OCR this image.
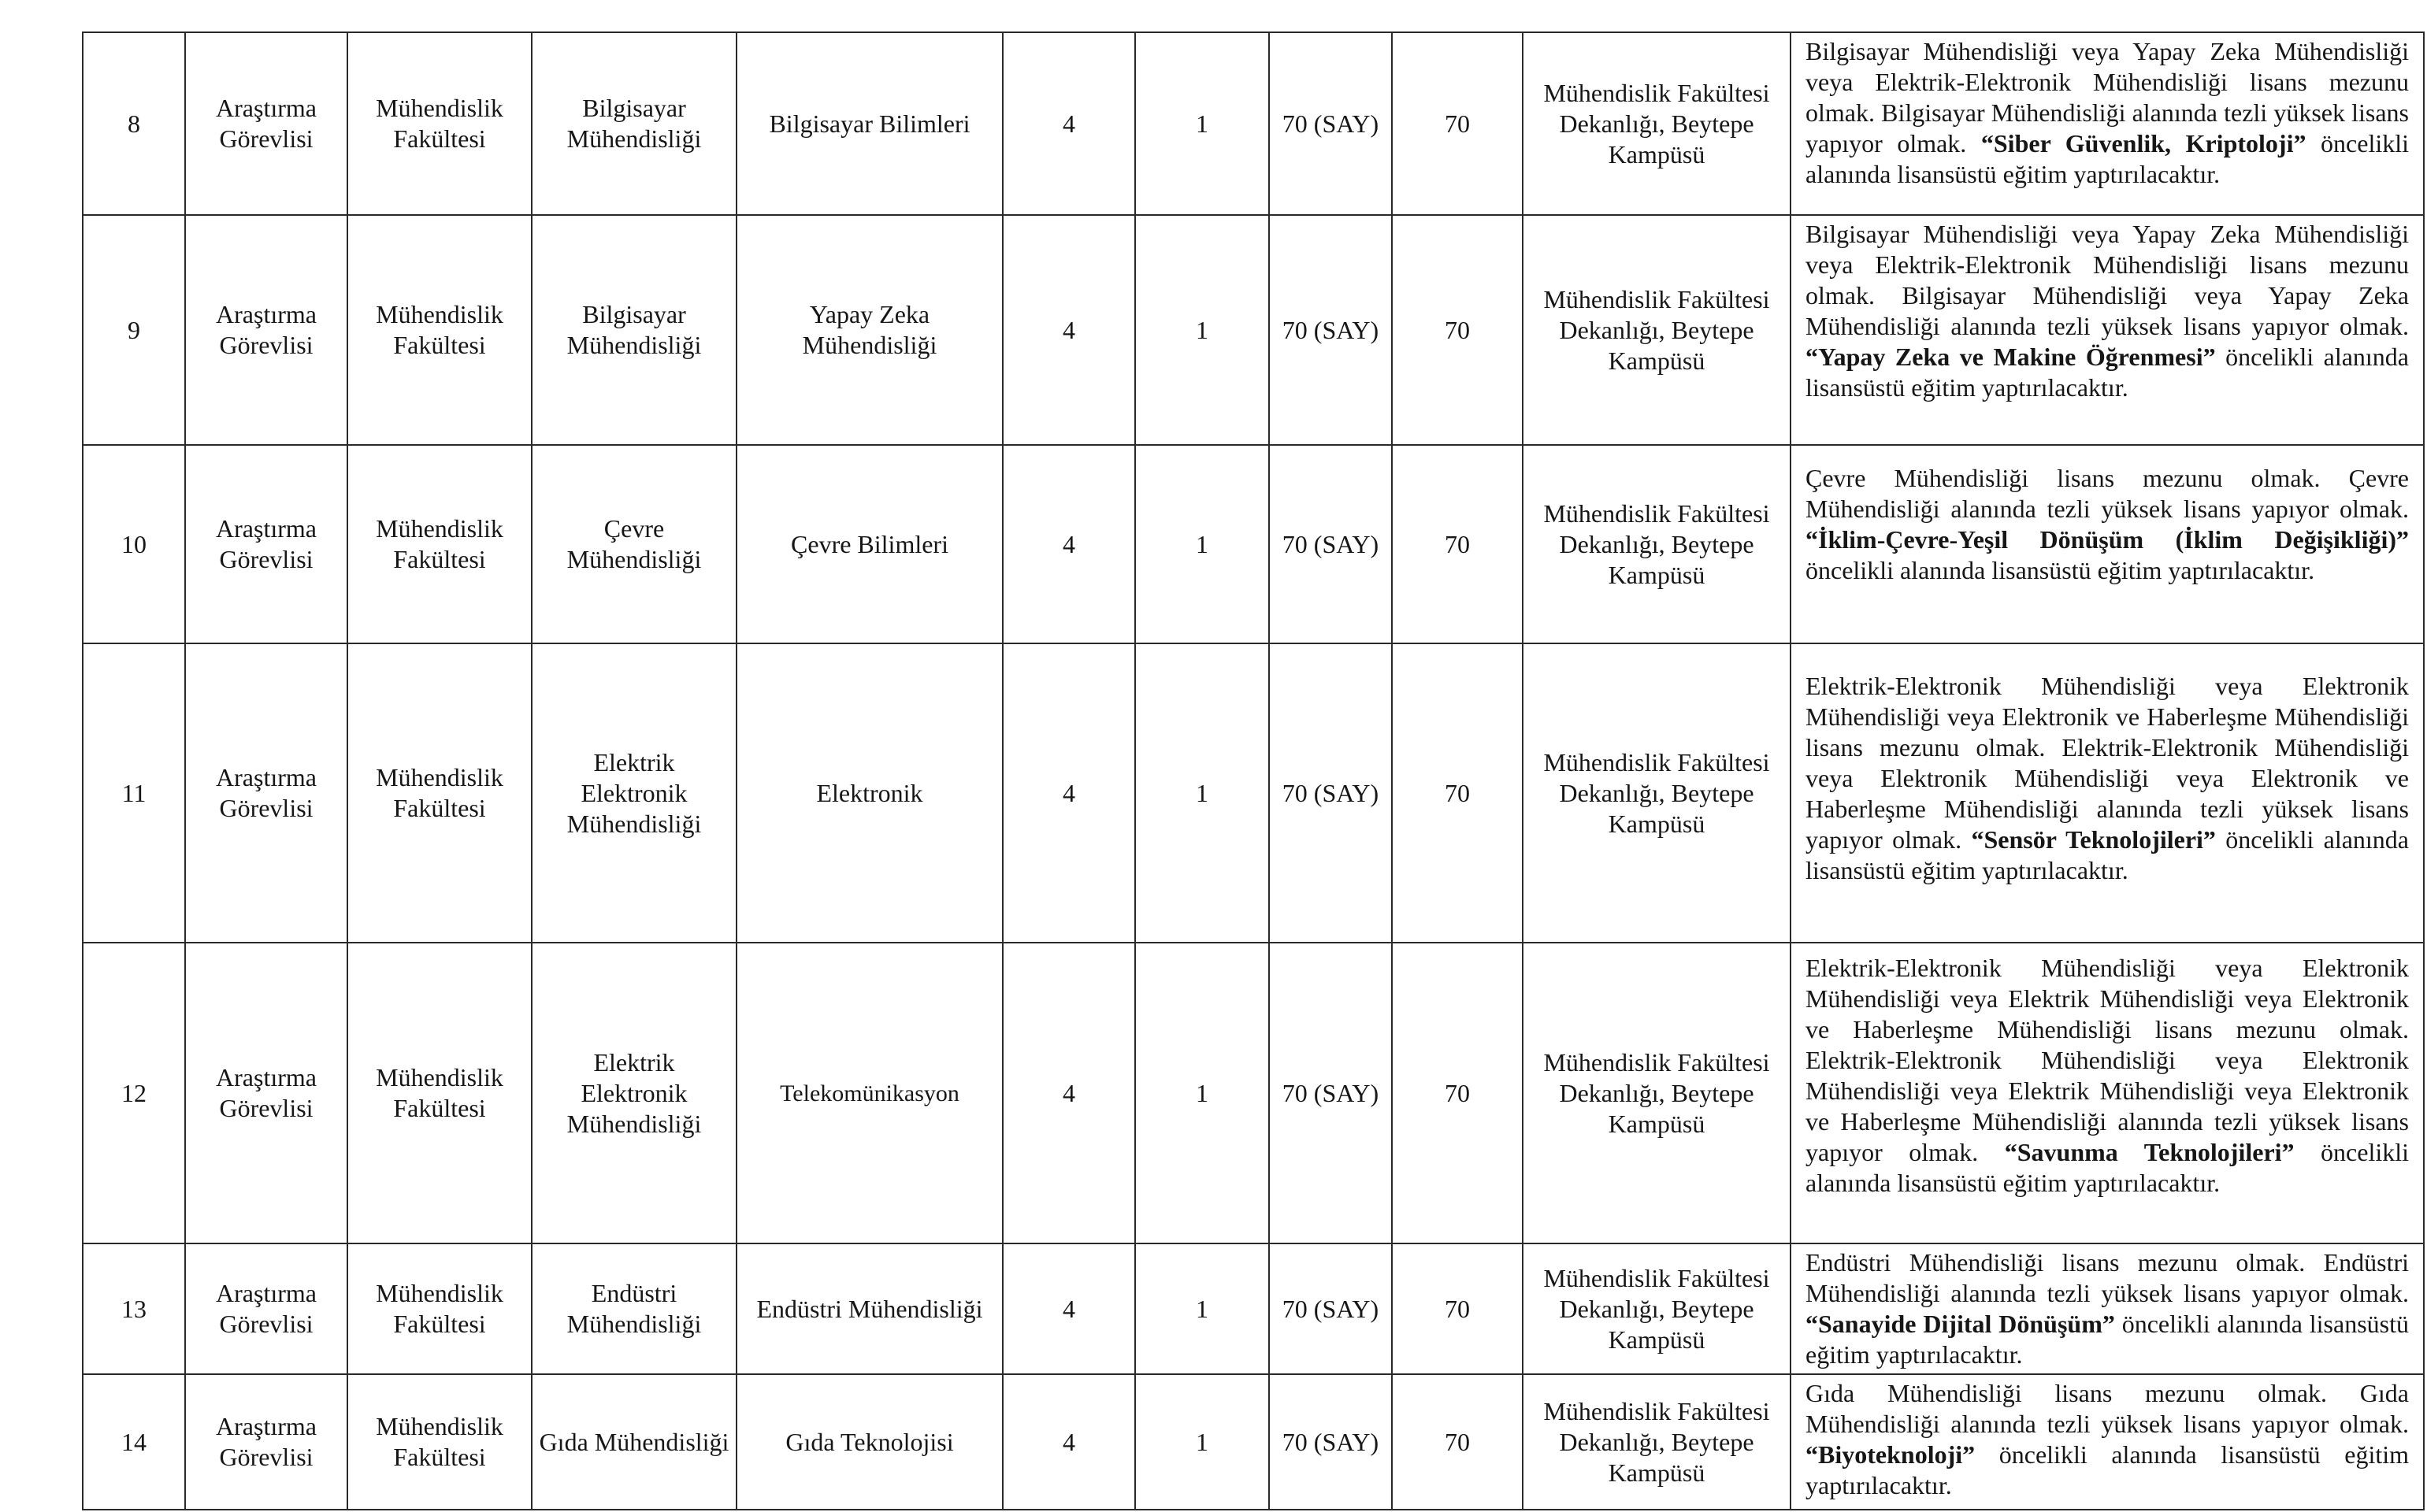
8	Araştırma Görevlisi	Mühendislik Fakültesi	Bilgisayar Mühendisliği	Bilgisayar Bilimleri	4	1	70 (SAY)	70	Mühendislik Fakültesi Dekanlığı, Beytepe Kampüsü	Bilgisayar Mühendisliği veya Yapay Zeka Mühendisliği veya Elektrik-Elektronik Mühendisliği lisans mezunu olmak. Bilgisayar Mühendisliği alanında tezli yüksek lisans yapıyor olmak. “Siber Güvenlik, Kriptoloji” öncelikli alanında lisansüstü eğitim yaptırılacaktır.
9	Araştırma Görevlisi	Mühendislik Fakültesi	Bilgisayar Mühendisliği	Yapay Zeka Mühendisliği	4	1	70 (SAY)	70	Mühendislik Fakültesi Dekanlığı, Beytepe Kampüsü	Bilgisayar Mühendisliği veya Yapay Zeka Mühendisliği veya Elektrik-Elektronik Mühendisliği lisans mezunu olmak. Bilgisayar Mühendisliği veya Yapay Zeka Mühendisliği alanında tezli yüksek lisans yapıyor olmak. “Yapay Zeka ve Makine Öğrenmesi” öncelikli alanında lisansüstü eğitim yaptırılacaktır.
10	Araştırma Görevlisi	Mühendislik Fakültesi	Çevre Mühendisliği	Çevre Bilimleri	4	1	70 (SAY)	70	Mühendislik Fakültesi Dekanlığı, Beytepe Kampüsü	Çevre Mühendisliği lisans mezunu olmak. Çevre Mühendisliği alanında tezli yüksek lisans yapıyor olmak. “İklim-Çevre-Yeşil Dönüşüm (İklim Değişikliği)” öncelikli alanında lisansüstü eğitim yaptırılacaktır.
11	Araştırma Görevlisi	Mühendislik Fakültesi	Elektrik Elektronik Mühendisliği	Elektronik	4	1	70 (SAY)	70	Mühendislik Fakültesi Dekanlığı, Beytepe Kampüsü	Elektrik-Elektronik Mühendisliği veya Elektronik Mühendisliği veya Elektronik ve Haberleşme Mühendisliği lisans mezunu olmak. Elektrik-Elektronik Mühendisliği veya Elektronik Mühendisliği veya Elektronik ve Haberleşme Mühendisliği alanında tezli yüksek lisans yapıyor olmak. “Sensör Teknolojileri” öncelikli alanında lisansüstü eğitim yaptırılacaktır.
12	Araştırma Görevlisi	Mühendislik Fakültesi	Elektrik Elektronik Mühendisliği	Telekomünikasyon	4	1	70 (SAY)	70	Mühendislik Fakültesi Dekanlığı, Beytepe Kampüsü	Elektrik-Elektronik Mühendisliği veya Elektronik Mühendisliği veya Elektrik Mühendisliği veya Elektronik ve Haberleşme Mühendisliği lisans mezunu olmak. Elektrik-Elektronik Mühendisliği veya Elektronik Mühendisliği veya Elektrik Mühendisliği veya Elektronik ve Haberleşme Mühendisliği alanında tezli yüksek lisans yapıyor olmak. “Savunma Teknolojileri” öncelikli alanında lisansüstü eğitim yaptırılacaktır.
13	Araştırma Görevlisi	Mühendislik Fakültesi	Endüstri Mühendisliği	Endüstri Mühendisliği	4	1	70 (SAY)	70	Mühendislik Fakültesi Dekanlığı, Beytepe Kampüsü	Endüstri Mühendisliği lisans mezunu olmak. Endüstri Mühendisliği alanında tezli yüksek lisans yapıyor olmak. “Sanayide Dijital Dönüşüm” öncelikli alanında lisansüstü eğitim yaptırılacaktır.
14	Araştırma Görevlisi	Mühendislik Fakültesi	Gıda Mühendisliği	Gıda Teknolojisi	4	1	70 (SAY)	70	Mühendislik Fakültesi Dekanlığı, Beytepe Kampüsü	Gıda Mühendisliği lisans mezunu olmak. Gıda Mühendisliği alanında tezli yüksek lisans yapıyor olmak. “Biyoteknoloji” öncelikli alanında lisansüstü eğitim yaptırılacaktır.
